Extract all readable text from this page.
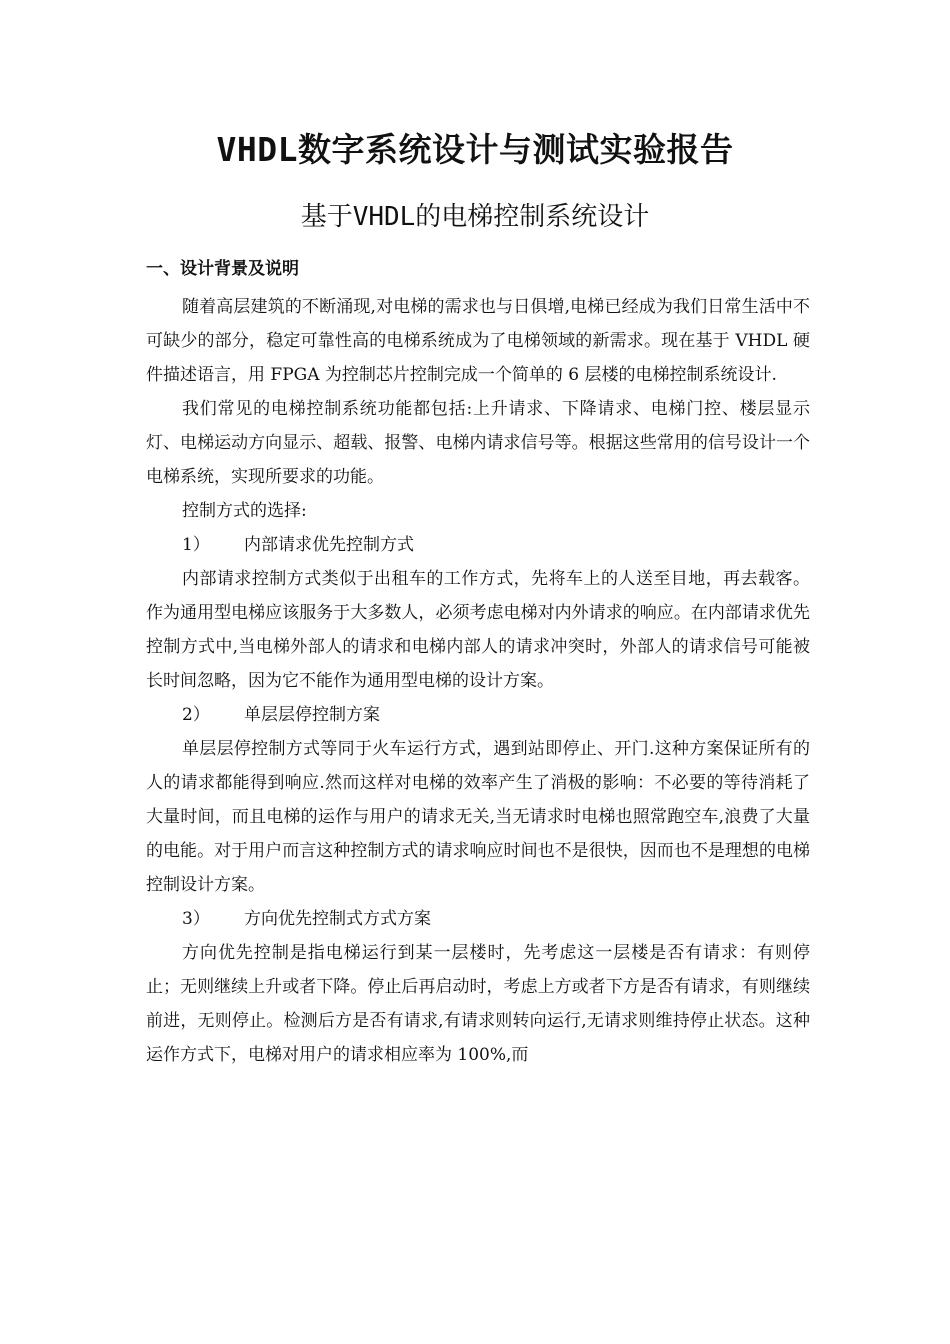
VHDL数字系统设计与测试实验报告
基于VHDL的电梯控制系统设计
一、设计背景及说明

随着高层建筑的不断涌现,对电梯的需求也与日俱增,电梯已经成为我们日常生活中不可缺少的部分，稳定可靠性高的电梯系统成为了电梯领域的新需求。现在基于 VHDL 硬件描述语言，用 FPGA 为控制芯片控制完成一个简单的 6 层楼的电梯控制系统设计.

我们常见的电梯控制系统功能都包括:上升请求、下降请求、电梯门控、楼层显示灯、电梯运动方向显示、超载、报警、电梯内请求信号等。根据这些常用的信号设计一个电梯系统，实现所要求的功能。

控制方式的选择:

1） 内部请求优先控制方式

内部请求控制方式类似于出租车的工作方式，先将车上的人送至目地，再去载客。作为通用型电梯应该服务于大多数人，必须考虑电梯对内外请求的响应。在内部请求优先控制方式中,当电梯外部人的请求和电梯内部人的请求冲突时，外部人的请求信号可能被长时间忽略，因为它不能作为通用型电梯的设计方案。

2） 单层层停控制方案

单层层停控制方式等同于火车运行方式，遇到站即停止、开门.这种方案保证所有的人的请求都能得到响应.然而这样对电梯的效率产生了消极的影响：不必要的等待消耗了大量时间，而且电梯的运作与用户的请求无关,当无请求时电梯也照常跑空车,浪费了大量的电能。对于用户而言这种控制方式的请求响应时间也不是很快，因而也不是理想的电梯控制设计方案。

3） 方向优先控制式方式方案

方向优先控制是指电梯运行到某一层楼时，先考虑这一层楼是否有请求：有则停止；无则继续上升或者下降。停止后再启动时，考虑上方或者下方是否有请求，有则继续前进，无则停止。检测后方是否有请求,有请求则转向运行,无请求则维持停止状态。这种运作方式下，电梯对用户的请求相应率为 100%,而
